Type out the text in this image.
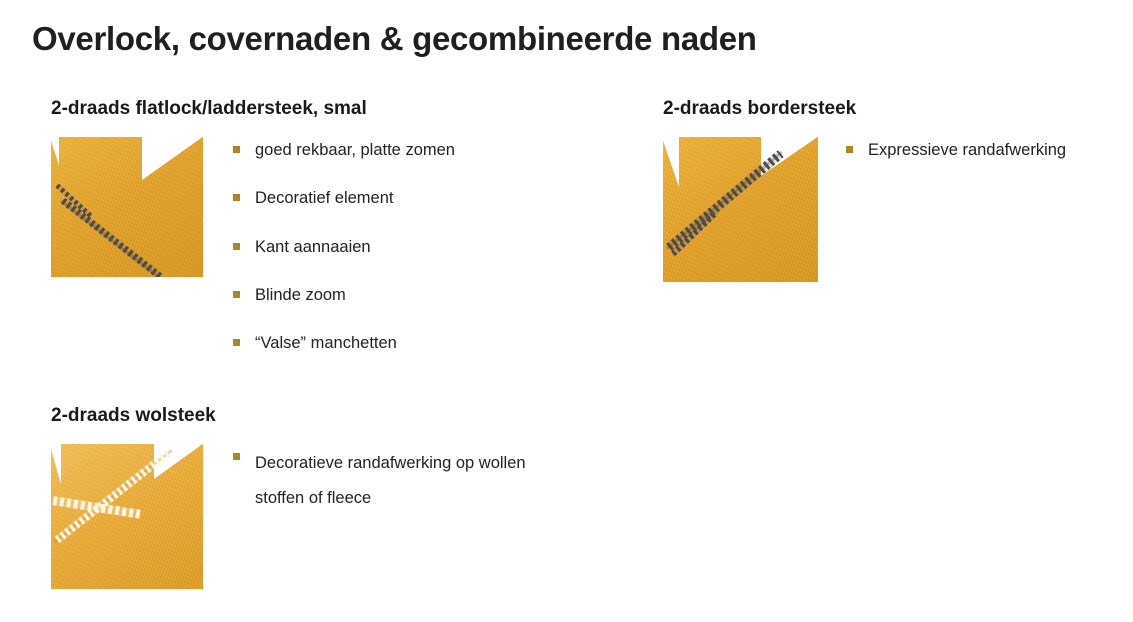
Overlock, covernaden & gecombineerde naden
2-draads flatlock/laddersteek, smal
goed rekbaar, platte zomen
Decoratief element
Kant aannaaien
Blinde zoom
“Valse” manchetten
2-draads bordersteek
Expressieve randafwerking
2-draads wolsteek
Decoratieve randafwerking op wollen
stoffen of fleece
